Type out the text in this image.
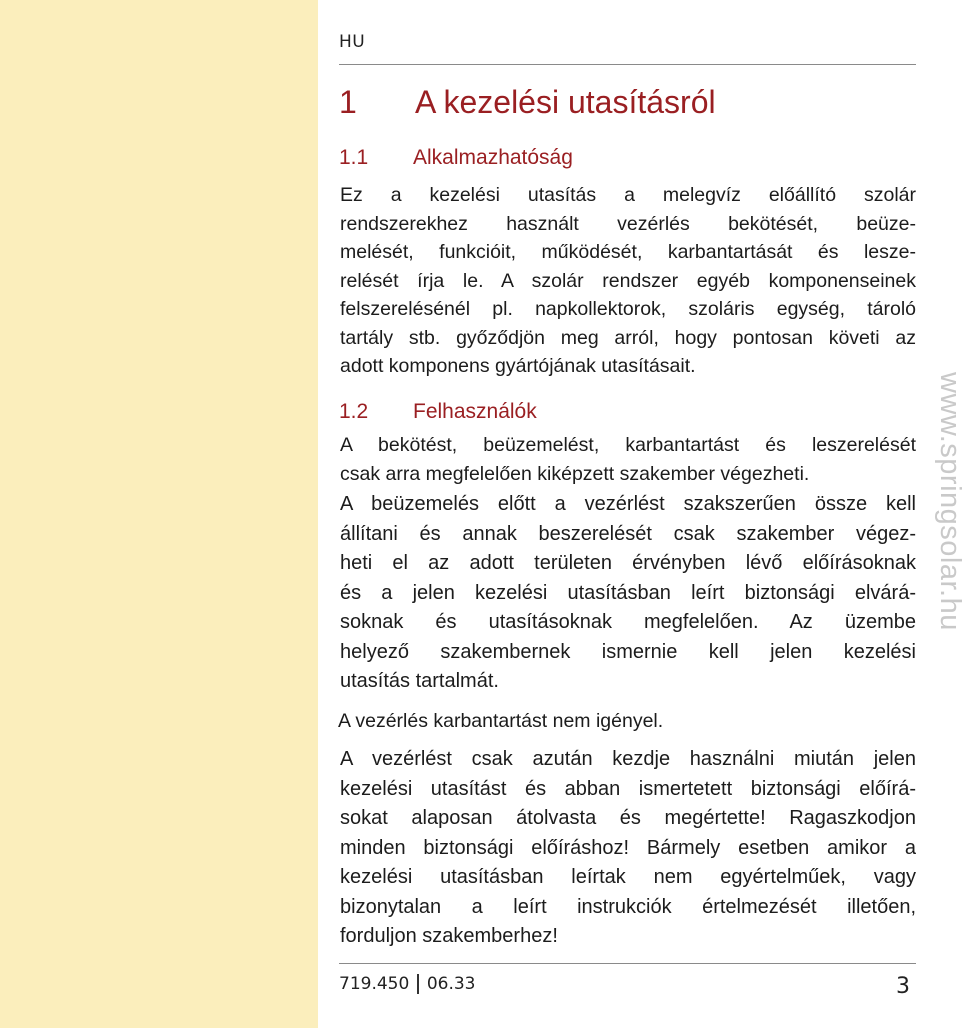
HU
1	A kezelési utasításról
1.1	Alkalmazhatóság

Ez a kezelési utasítás a melegvíz előállító szolár
rendszerekhez használt vezérlés bekötését, beüze-
melését, funkcióit, működését, karbantartását és lesze-
relését írja le. A szolár rendszer egyéb komponenseinek
felszerelésénél pl. napkollektorok, szoláris egység, tároló
tartály stb. győződjön meg arról, hogy pontosan követi az
adott komponens gyártójának utasításait.

1.2	Felhasználók

A bekötést, beüzemelést, karbantartást és leszerelését
csak arra megfelelően kiképzett szakember végezheti.

A beüzemelés előtt a vezérlést szakszerűen össze kell
állítani és annak beszerelését csak szakember végez-
heti el az adott területen érvényben lévő előírásoknak
és a jelen kezelési utasításban leírt biztonsági elvárá-
soknak és utasításoknak megfelelően. Az üzembe
helyező szakembernek ismernie kell jelen kezelési
utasítás tartalmát.

A vezérlés karbantartást nem igényel.

A vezérlést csak azután kezdje használni miután jelen
kezelési utasítást és abban ismertetett biztonsági előírá-
sokat alaposan átolvasta és megértette! Ragaszkodjon
minden biztonsági előíráshoz! Bármely esetben amikor a
kezelési utasításban leírtak nem egyértelműek, vagy
bizonytalan a leírt instrukciók értelmezését illetően,
forduljon szakemberhez!

www.springsolar.hu
719.450 06.33	3
